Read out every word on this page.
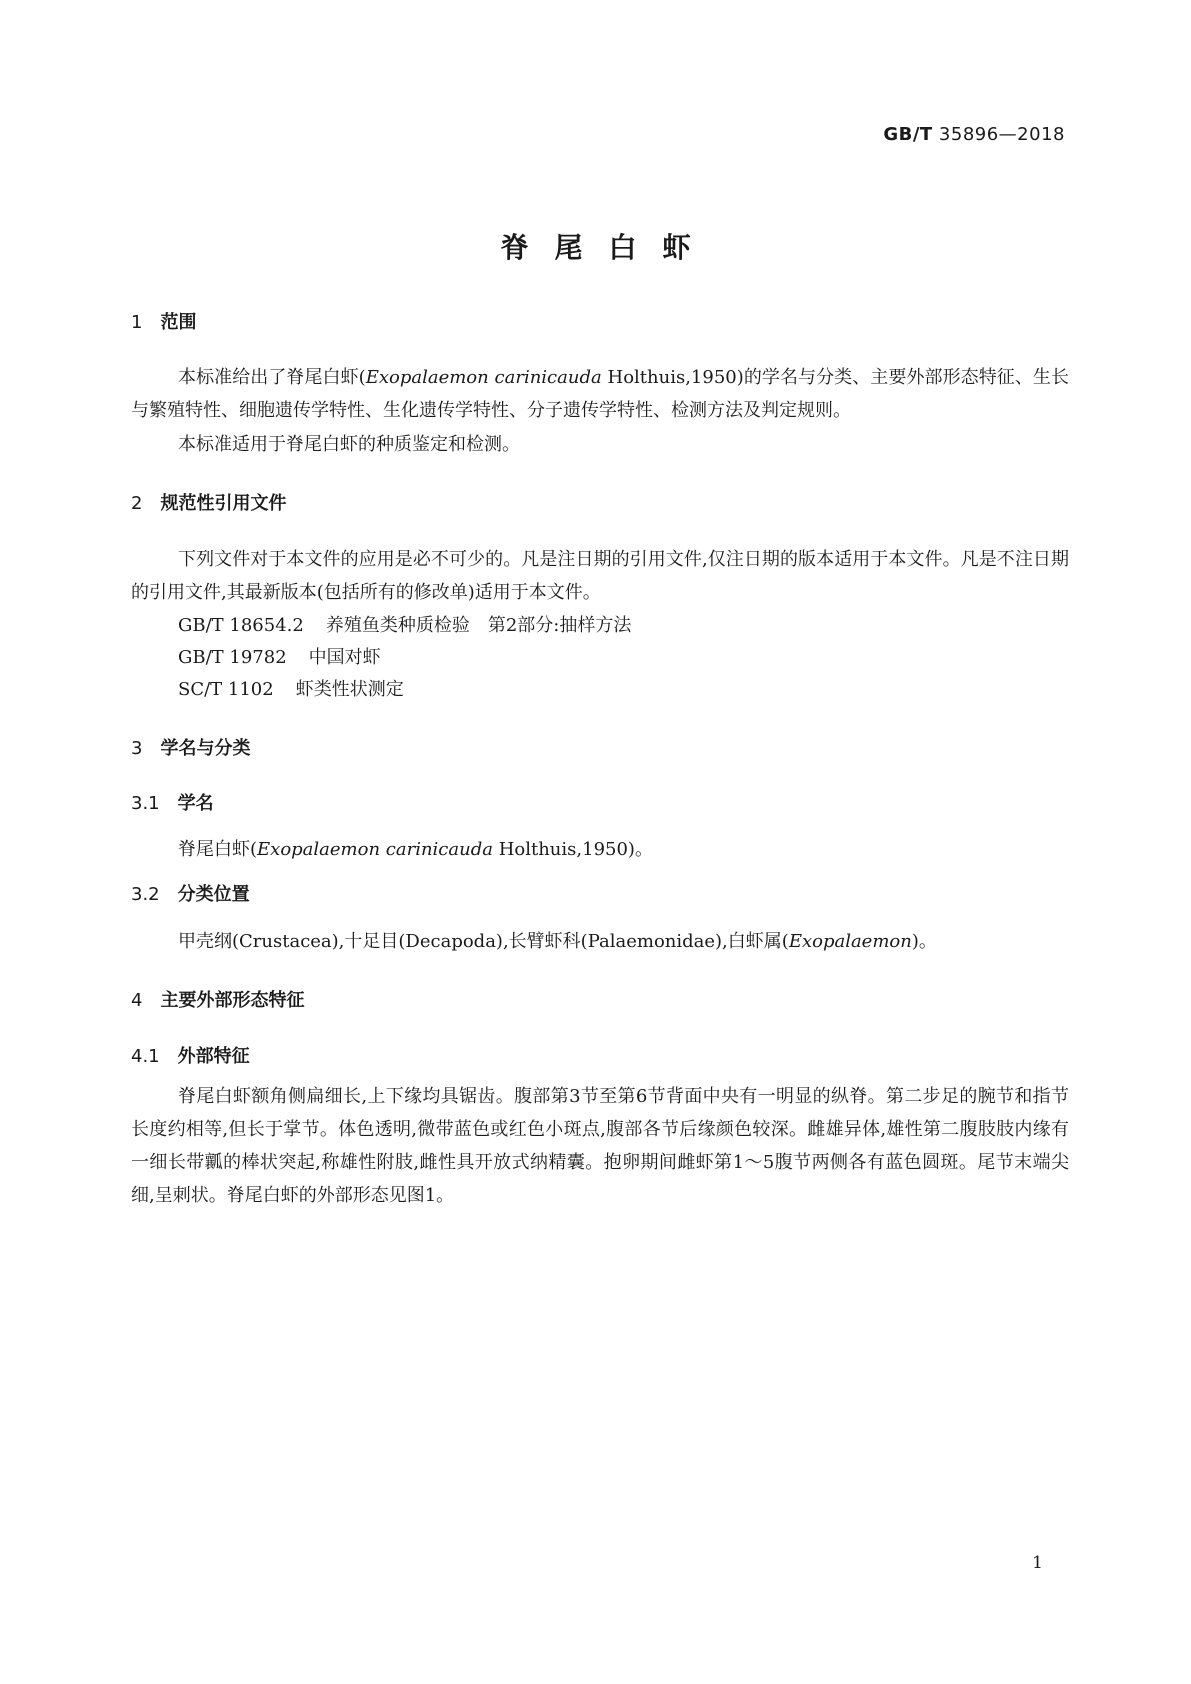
GB/T 35896—2018
脊尾白虾
1 范围
本标准给出了脊尾白虾(Exopalaemon carinicauda Holthuis,1950)的学名与分类、主要外部形态特征、生长与繁殖特性、细胞遗传学特性、生化遗传学特性、分子遗传学特性、检测方法及判定规则。
本标准适用于脊尾白虾的种质鉴定和检测。
2 规范性引用文件
下列文件对于本文件的应用是必不可少的。凡是注日期的引用文件,仅注日期的版本适用于本文件。凡是不注日期的引用文件,其最新版本(包括所有的修改单)适用于本文件。
GB/T 18654.2 养殖鱼类种质检验　第2部分:抽样方法
GB/T 19782 中国对虾
SC/T 1102 虾类性状测定
3 学名与分类
3.1 学名
脊尾白虾(Exopalaemon carinicauda Holthuis,1950)。
3.2 分类位置
甲壳纲(Crustacea),十足目(Decapoda),长臂虾科(Palaemonidae),白虾属(Exopalaemon)。
4 主要外部形态特征
4.1 外部特征
脊尾白虾额角侧扁细长,上下缘均具锯齿。腹部第3节至第6节背面中央有一明显的纵脊。第二步足的腕节和指节长度约相等,但长于掌节。体色透明,微带蓝色或红色小斑点,腹部各节后缘颜色较深。雌雄异体,雄性第二腹肢肢内缘有一细长带瓤的棒状突起,称雄性附肢,雌性具开放式纳精囊。抱卵期间雌虾第1～5腹节两侧各有蓝色圆斑。尾节末端尖细,呈刺状。脊尾白虾的外部形态见图1。
1
